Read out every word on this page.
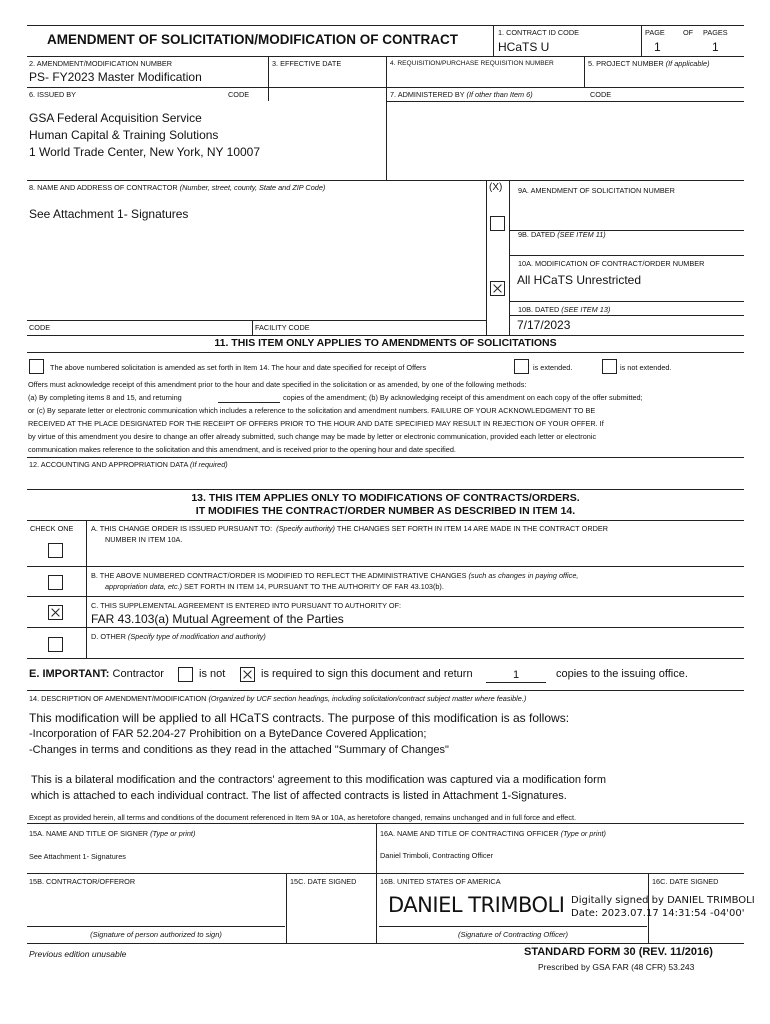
AMENDMENT OF SOLICITATION/MODIFICATION OF CONTRACT	1. CONTRACT ID CODE
HCaTS U
PAGE	OF PAGES
1	1
2. AMENDMENT/MODIFICATION NUMBER
PS- FY2023 Master Modification
3. EFFECTIVE DATE	4. REQUISITION/PURCHASE REQUISITION NUMBER	5. PROJECT NUMBER (If applicable)
6. ISSUED BY	CODE	7. ADMINISTERED BY (If other than Item 6)	CODE
GSA Federal Acquisition Service
Human Capital & Training Solutions
1 World Trade Center, New York, NY 10007
8. NAME AND ADDRESS OF CONTRACTOR (Number, street, county, State and ZIP Code)
See Attachment 1- Signatures
(X) 9A. AMENDMENT OF SOLICITATION NUMBER
9B. DATED (SEE ITEM 11)
10A. MODIFICATION OF CONTRACT/ORDER NUMBER
All HCaTS Unrestricted
10B. DATED (SEE ITEM 13)
7/17/2023
CODE	FACILITY CODE
11. THIS ITEM ONLY APPLIES TO AMENDMENTS OF SOLICITATIONS
The above numbered solicitation is amended as set forth in Item 14. The hour and date specified for receipt of Offers	is extended.	is not extended.
Offers must acknowledge receipt of this amendment prior to the hour and date specified in the solicitation or as amended, by one of the following methods:
(a) By completing items 8 and 15, and returning	copies of the amendment; (b) By acknowledging receipt of this amendment on each copy of the offer submitted;
or (c) By separate letter or electronic communication which includes a reference to the solicitation and amendment numbers. FAILURE OF YOUR ACKNOWLEDGMENT TO BE
RECEIVED AT THE PLACE DESIGNATED FOR THE RECEIPT OF OFFERS PRIOR TO THE HOUR AND DATE SPECIFIED MAY RESULT IN REJECTION OF YOUR OFFER. If
by virtue of this amendment you desire to change an offer already submitted, such change may be made by letter or electronic communication, provided each letter or electronic
communication makes reference to the solicitation and this amendment, and is received prior to the opening hour and date specified.
12. ACCOUNTING AND APPROPRIATION DATA (If required)
13. THIS ITEM APPLIES ONLY TO MODIFICATIONS OF CONTRACTS/ORDERS.
IT MODIFIES THE CONTRACT/ORDER NUMBER AS DESCRIBED IN ITEM 14.
CHECK ONE A. THIS CHANGE ORDER IS ISSUED PURSUANT TO: (Specify authority) THE CHANGES SET FORTH IN ITEM 14 ARE MADE IN THE CONTRACT ORDER
NUMBER IN ITEM 10A.
B. THE ABOVE NUMBERED CONTRACT/ORDER IS MODIFIED TO REFLECT THE ADMINISTRATIVE CHANGES (such as changes in paying office,
appropriation data, etc.) SET FORTH IN ITEM 14, PURSUANT TO THE AUTHORITY OF FAR 43.103(b).
C. THIS SUPPLEMENTAL AGREEMENT IS ENTERED INTO PURSUANT TO AUTHORITY OF:
FAR 43.103(a) Mutual Agreement of the Parties
D. OTHER (Specify type of modification and authority)
E. IMPORTANT: Contractor	is not	is required to sign this document and return	1	copies to the issuing office.
14. DESCRIPTION OF AMENDMENT/MODIFICATION (Organized by UCF section headings, including solicitation/contract subject matter where feasible.)
This modification will be applied to all HCaTS contracts. The purpose of this modification is as follows:
-Incorporation of FAR 52.204-27 Prohibition on a ByteDance Covered Application;
-Changes in terms and conditions as they read in the attached "Summary of Changes"
This is a bilateral modification and the contractors' agreement to this modification was captured via a modification form
which is attached to each individual contract. The list of affected contracts is listed in Attachment 1-Signatures.
Except as provided herein, all terms and conditions of the document referenced in Item 9A or 10A, as heretofore changed, remains unchanged and in full force and effect.
15A. NAME AND TITLE OF SIGNER (Type or print)
See Attachment 1- Signatures
16A. NAME AND TITLE OF CONTRACTING OFFICER (Type or print)
Daniel Trimboli, Contracting Officer
15B. CONTRACTOR/OFFEROR	15C. DATE SIGNED	16B. UNITED STATES OF AMERICA	16C. DATE SIGNED
DANIEL TRIMBOLI Digitally signed by DANIEL TRIMBOLI
Date: 2023.07.17 14:31:54 -04'00'
(Signature of person authorized to sign)	(Signature of Contracting Officer)
Previous edition unusable	STANDARD FORM 30 (REV. 11/2016)
Prescribed by GSA FAR (48 CFR) 53.243
